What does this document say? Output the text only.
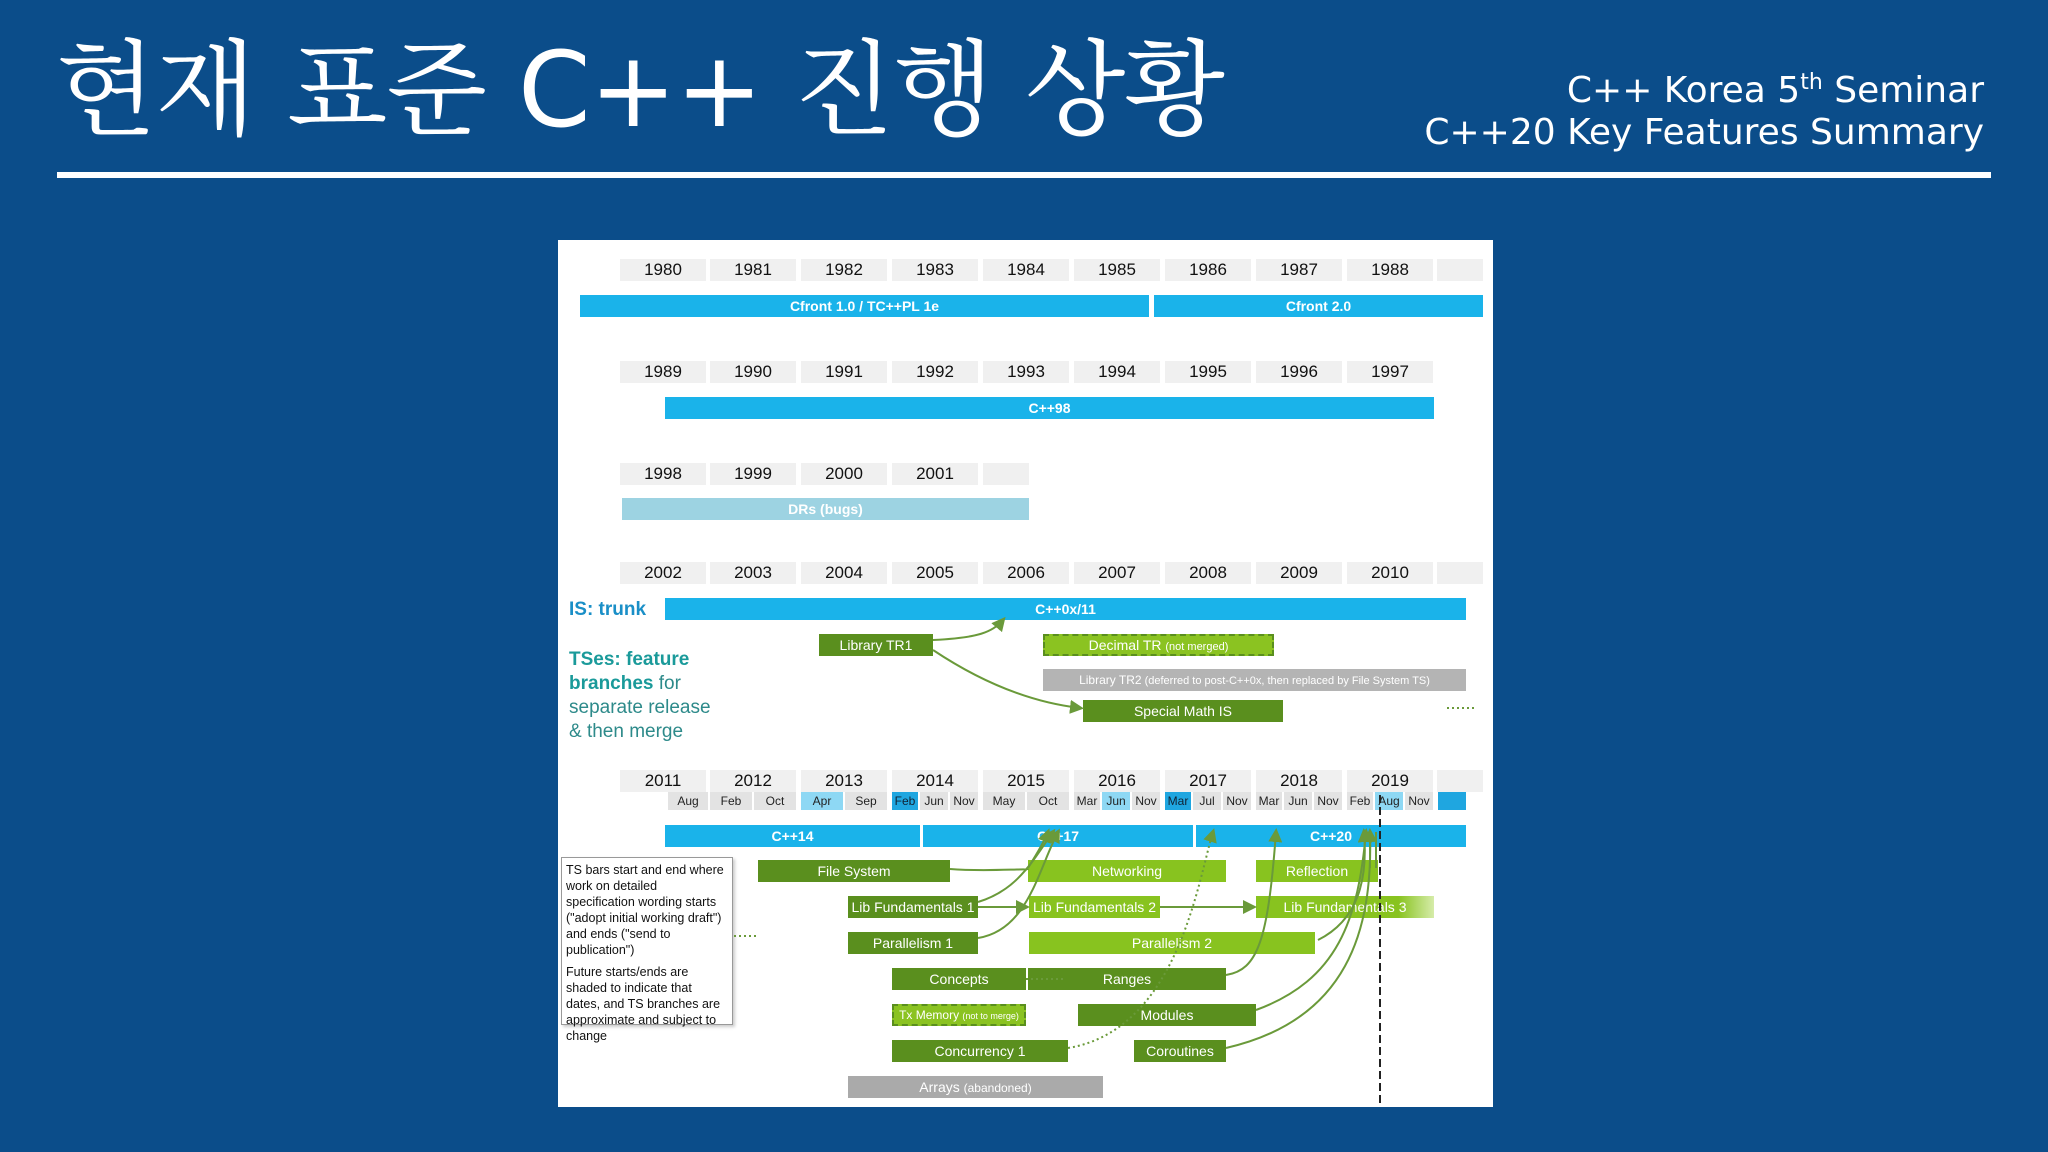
현재 표준 C++ 진행 상황	C++ Korea 5th Seminar
C++20 Key Features Summary
1980	1981	1982	1983	1984	1985	1986	1987	1988
Cfront 1.0 / TC++PL 1e	Cfront 2.0
1989	1990	1991	1992	1993	1994	1995	1996	1997
C++98
1998	1999	2000	2001
DRs (bugs)
2002	2003	2004	2005	2006	2007	2008	2009	2010
IS: trunk	C++0x/11
TSes: feature branches for
separate release
& then merge
Library TR1	Decimal TR (not merged)
Library TR2 (deferred to post-C++0x, then replaced by File System TS)
Special Math IS
2011	2012	2013	2014	2015	2016	2017	2018	2019
Aug	Feb	Oct	Apr	Sep	Feb Jun Nov	May	Oct	Mar Jun Nov Mar Jul Nov Mar Jun Nov Feb Aug Nov
C++14	C++17	C++20
File System	Networking	Reflection
Lib Fundamentals 1	Lib Fundamentals 2	Lib Fundamentals 3
Parallelism 1	Parallelism 2
Concepts	Ranges
Tx Memory (not to merge)	Modules
Concurrency 1	Coroutines
Arrays (abandoned)

TS bars start and end where work on detailed specification wording starts ("adopt initial working draft") and ends ("send to publication")

Future starts/ends are shaded to indicate that dates, and TS branches are approximate and subject to change
